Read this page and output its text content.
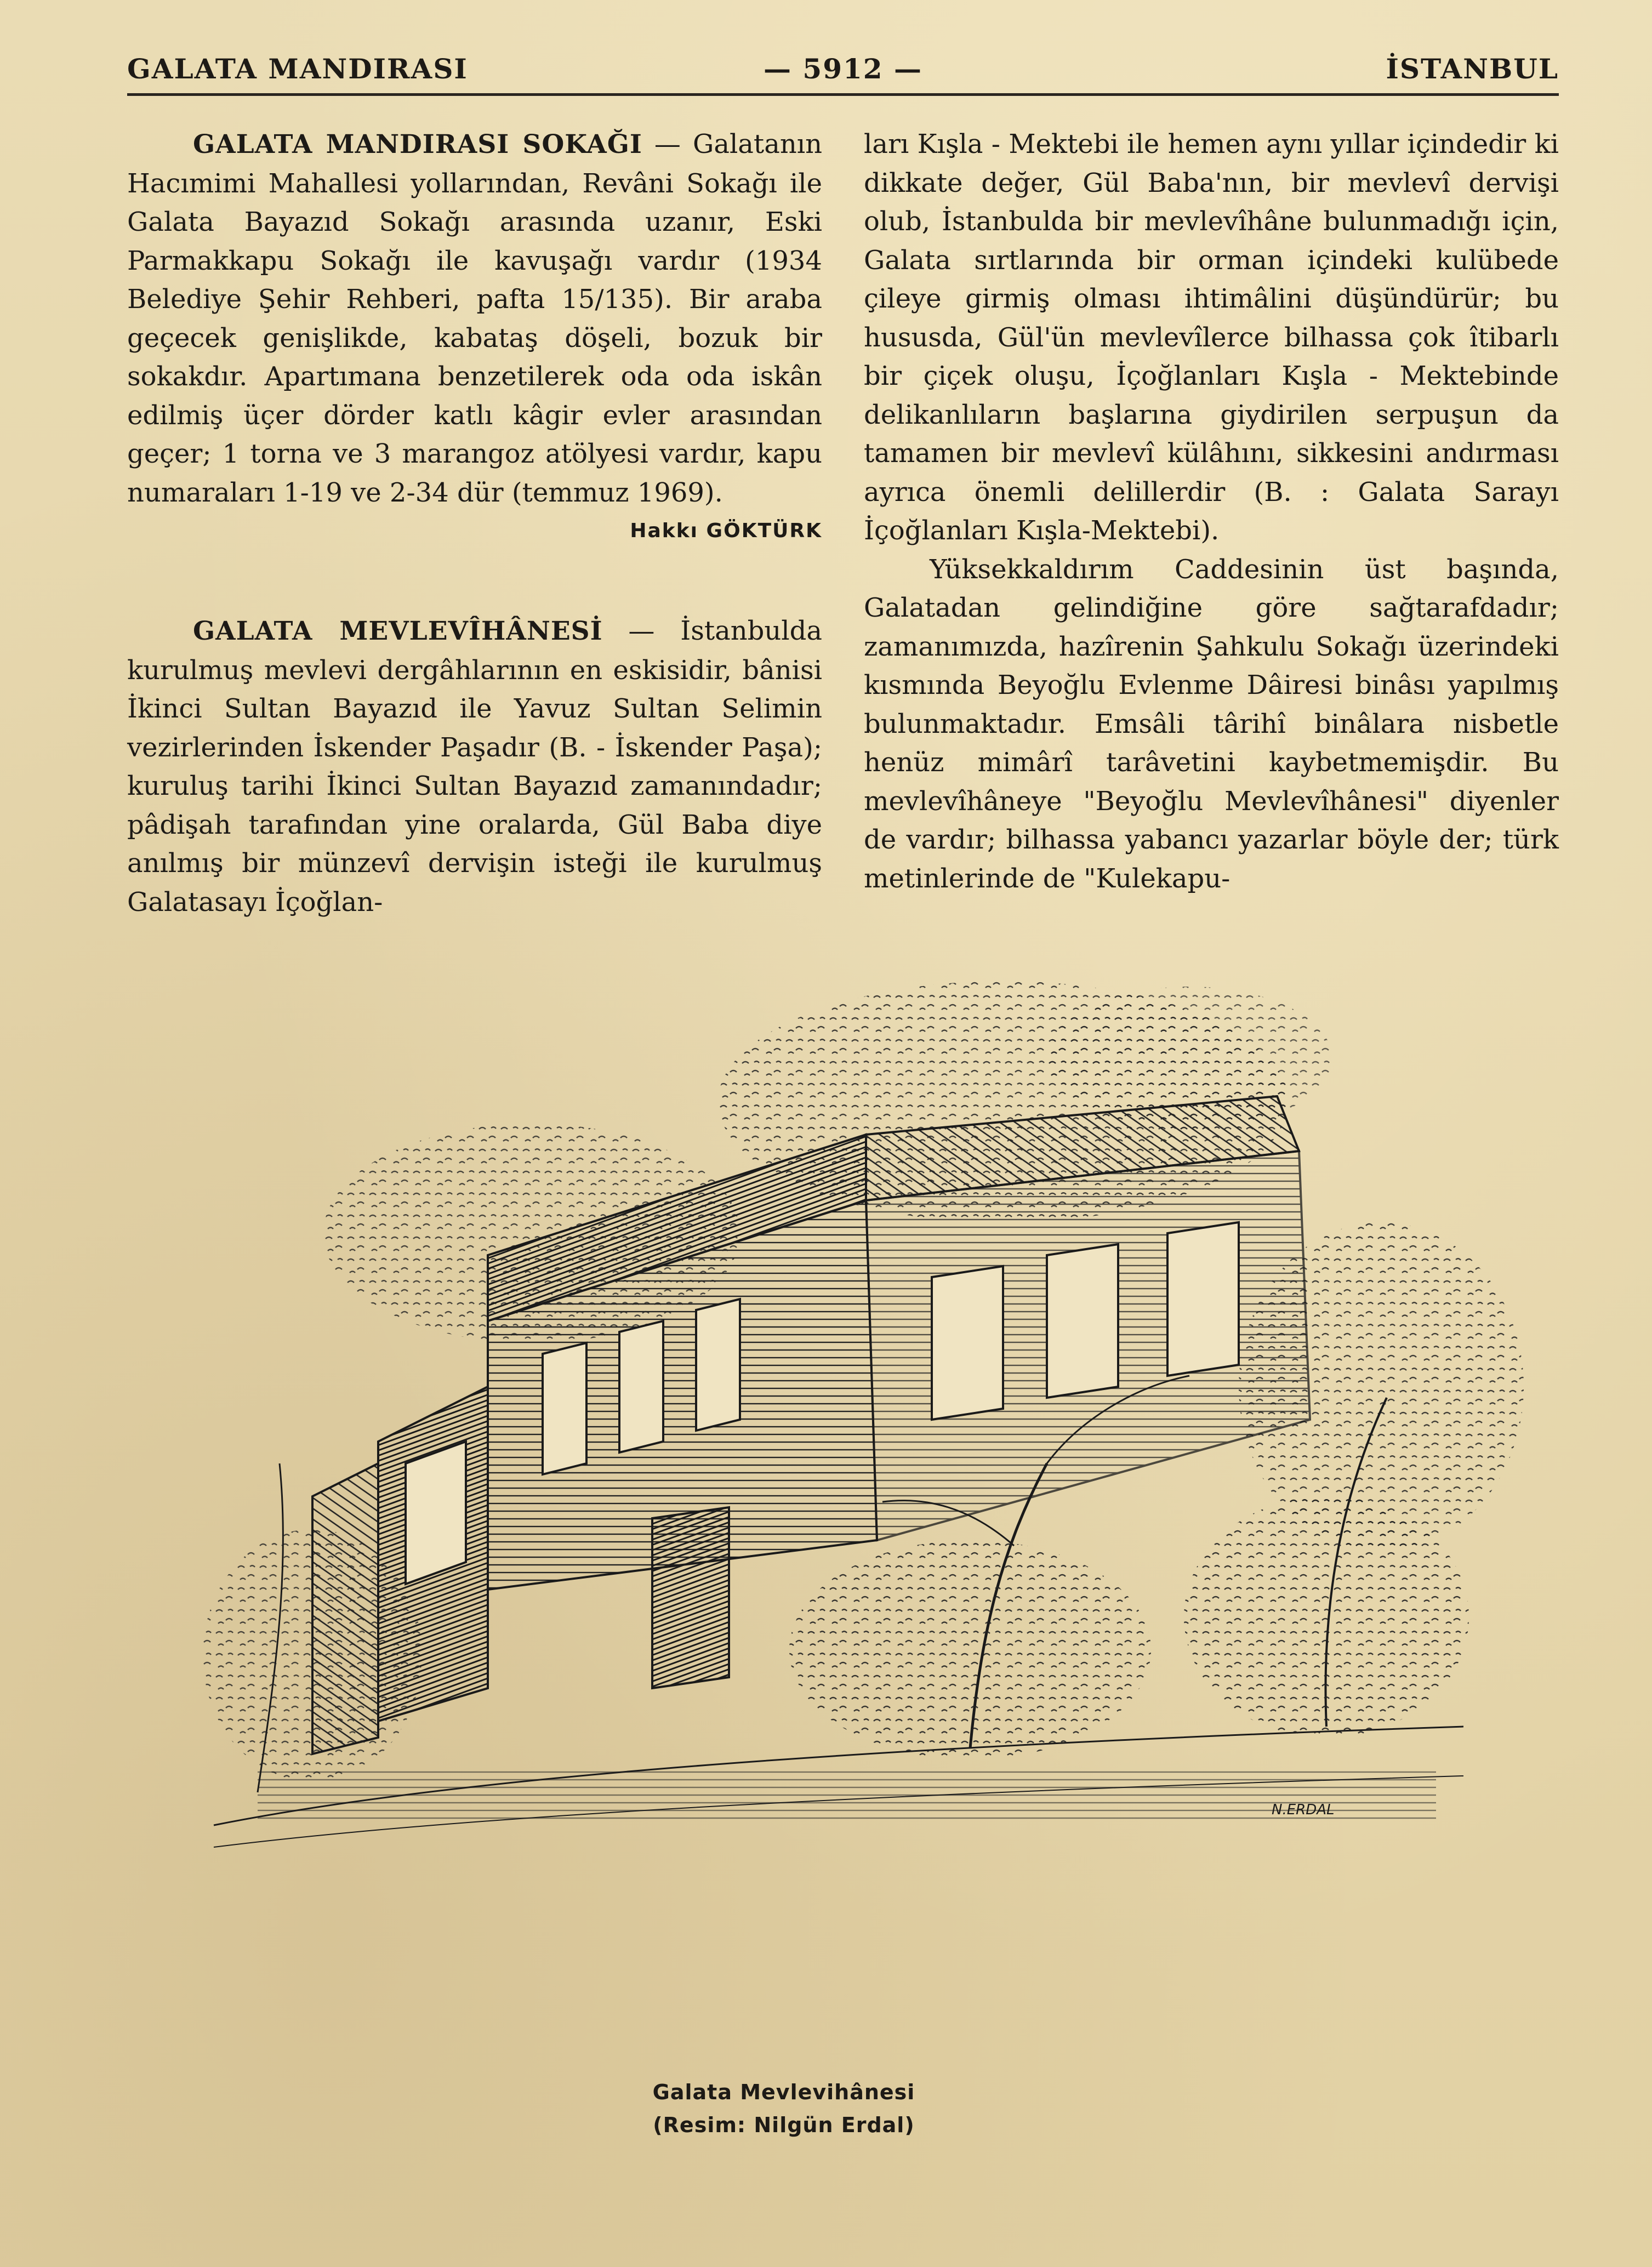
GALATA MANDIRASI	— 5912 —	İSTANBUL

GALATA MANDIRASI SOKAĞI — Galatanın Hacımimi Mahallesi yollarından, Revâni Sokağı ile Galata Bayazıd Sokağı arasında uzanır, Eski Parmakkapu Sokağı ile kavuşağı vardır (1934 Belediye Şehir Rehberi, pafta 15/135). Bir araba geçecek genişlikde, kabataş döşeli, bozuk bir sokakdır. Apartımana benzetilerek oda oda iskân edilmiş üçer dörder katlı kâgir evler arasından geçer; 1 torna ve 3 marangoz atölyesi vardır, kapu numaraları 1-19 ve 2-34 dür (temmuz 1969).

Hakkı GÖKTÜRK

GALATA MEVLEVÎHÂNESİ — İstanbulda kurulmuş mevlevi dergâhlarının en eskisidir, bânisi İkinci Sultan Bayazıd ile Yavuz Sultan Selimin vezirlerinden İskender Paşadır (B. - İskender Paşa); kuruluş tarihi İkinci Sultan Bayazıd zamanındadır; pâdişah tarafından yine oralarda, Gül Baba diye anılmış bir münzevî dervişin isteği ile kurulmuş Galatasayı İçoğlan-

ları Kışla - Mektebi ile hemen aynı yıllar içindedir ki dikkate değer, Gül Baba'nın, bir mevlevî dervişi olub, İstanbulda bir mevlevîhâne bulunmadığı için, Galata sırtlarında bir orman içindeki kulübede çileye girmiş olması ihtimâlini düşündürür; bu hususda, Gül'ün mevlevîlerce bilhassa çok îtibarlı bir çiçek oluşu, İçoğlanları Kışla - Mektebinde delikanlıların başlarına giydirilen serpuşun da tamamen bir mevlevî külâhını, sikkesini andırması ayrıca önemli delillerdir (B. : Galata Sarayı İçoğlanları Kışla-Mektebi).

Yüksekkaldırım Caddesinin üst başında, Galatadan gelindiğine göre sağtarafdadır; zamanımızda, hazîrenin Şahkulu Sokağı üzerindeki kısmında Beyoğlu Evlenme Dâiresi binâsı yapılmış bulunmaktadır. Emsâli târihî binâlara nisbetle henüz mimârî tarâvetini kaybetmemişdir. Bu mevlevîhâneye "Beyoğlu Mevlevîhânesi" diyenler de vardır; bilhassa yabancı yazarlar böyle der; türk metinlerinde de "Kulekapu-

N.ERDAL
Galata Mevlevihânesi
(Resim: Nilgün Erdal)
